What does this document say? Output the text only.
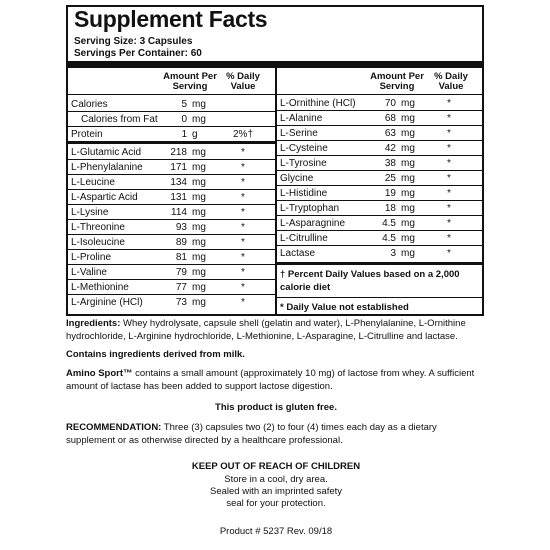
Supplement Facts
Serving Size: 3 Capsules
Servings Per Container: 60
Amount Per Serving
% Daily Value
Calories	5 mg
Calories from Fat	0 mg
Protein	1 g	2%†
L-Glutamic Acid	218 mg	*
L-Phenylalanine	171 mg	*
L-Leucine	134 mg	*
L-Aspartic Acid	131 mg	*
L-Lysine	114 mg	*
L-Threonine	93 mg	*
L-Isoleucine	89 mg	*
L-Proline	81 mg	*
L-Valine	79 mg	*
L-Methionine	77 mg	*
L-Arginine (HCl)	73 mg	*
Amount Per Serving
% Daily Value
L-Ornithine (HCl)	70 mg	*
L-Alanine	68 mg	*
L-Serine	63 mg	*
L-Cysteine	42 mg	*
L-Tyrosine	38 mg	*
Glycine	25 mg	*
L-Histidine	19 mg	*
L-Tryptophan	18 mg	*
L-Asparagnine	4.5 mg	*
L-Citrulline	4.5 mg	*
Lactase	3 mg	*
† Percent Daily Values based on a 2,000 calorie diet
* Daily Value not established
Ingredients: Whey hydrolysate, capsule shell (gelatin and water), L-Phenylalanine, L-Ornithine hydrochloride, L-Arginine hydrochloride, L-Methionine, L-Asparagine, L-Citrulline and lactase.
Contains ingredients derived from milk.
Amino Sport™ contains a small amount (approximately 10 mg) of lactose from whey. A sufficient amount of lactase has been added to support lactose digestion.
This product is gluten free.
RECOMMENDATION: Three (3) capsules two (2) to four (4) times each day as a dietary supplement or as otherwise directed by a healthcare professional.
KEEP OUT OF REACH OF CHILDREN
Store in a cool, dry area.
Sealed with an imprinted safety
seal for your protection.
Product # 5237 Rev. 09/18
